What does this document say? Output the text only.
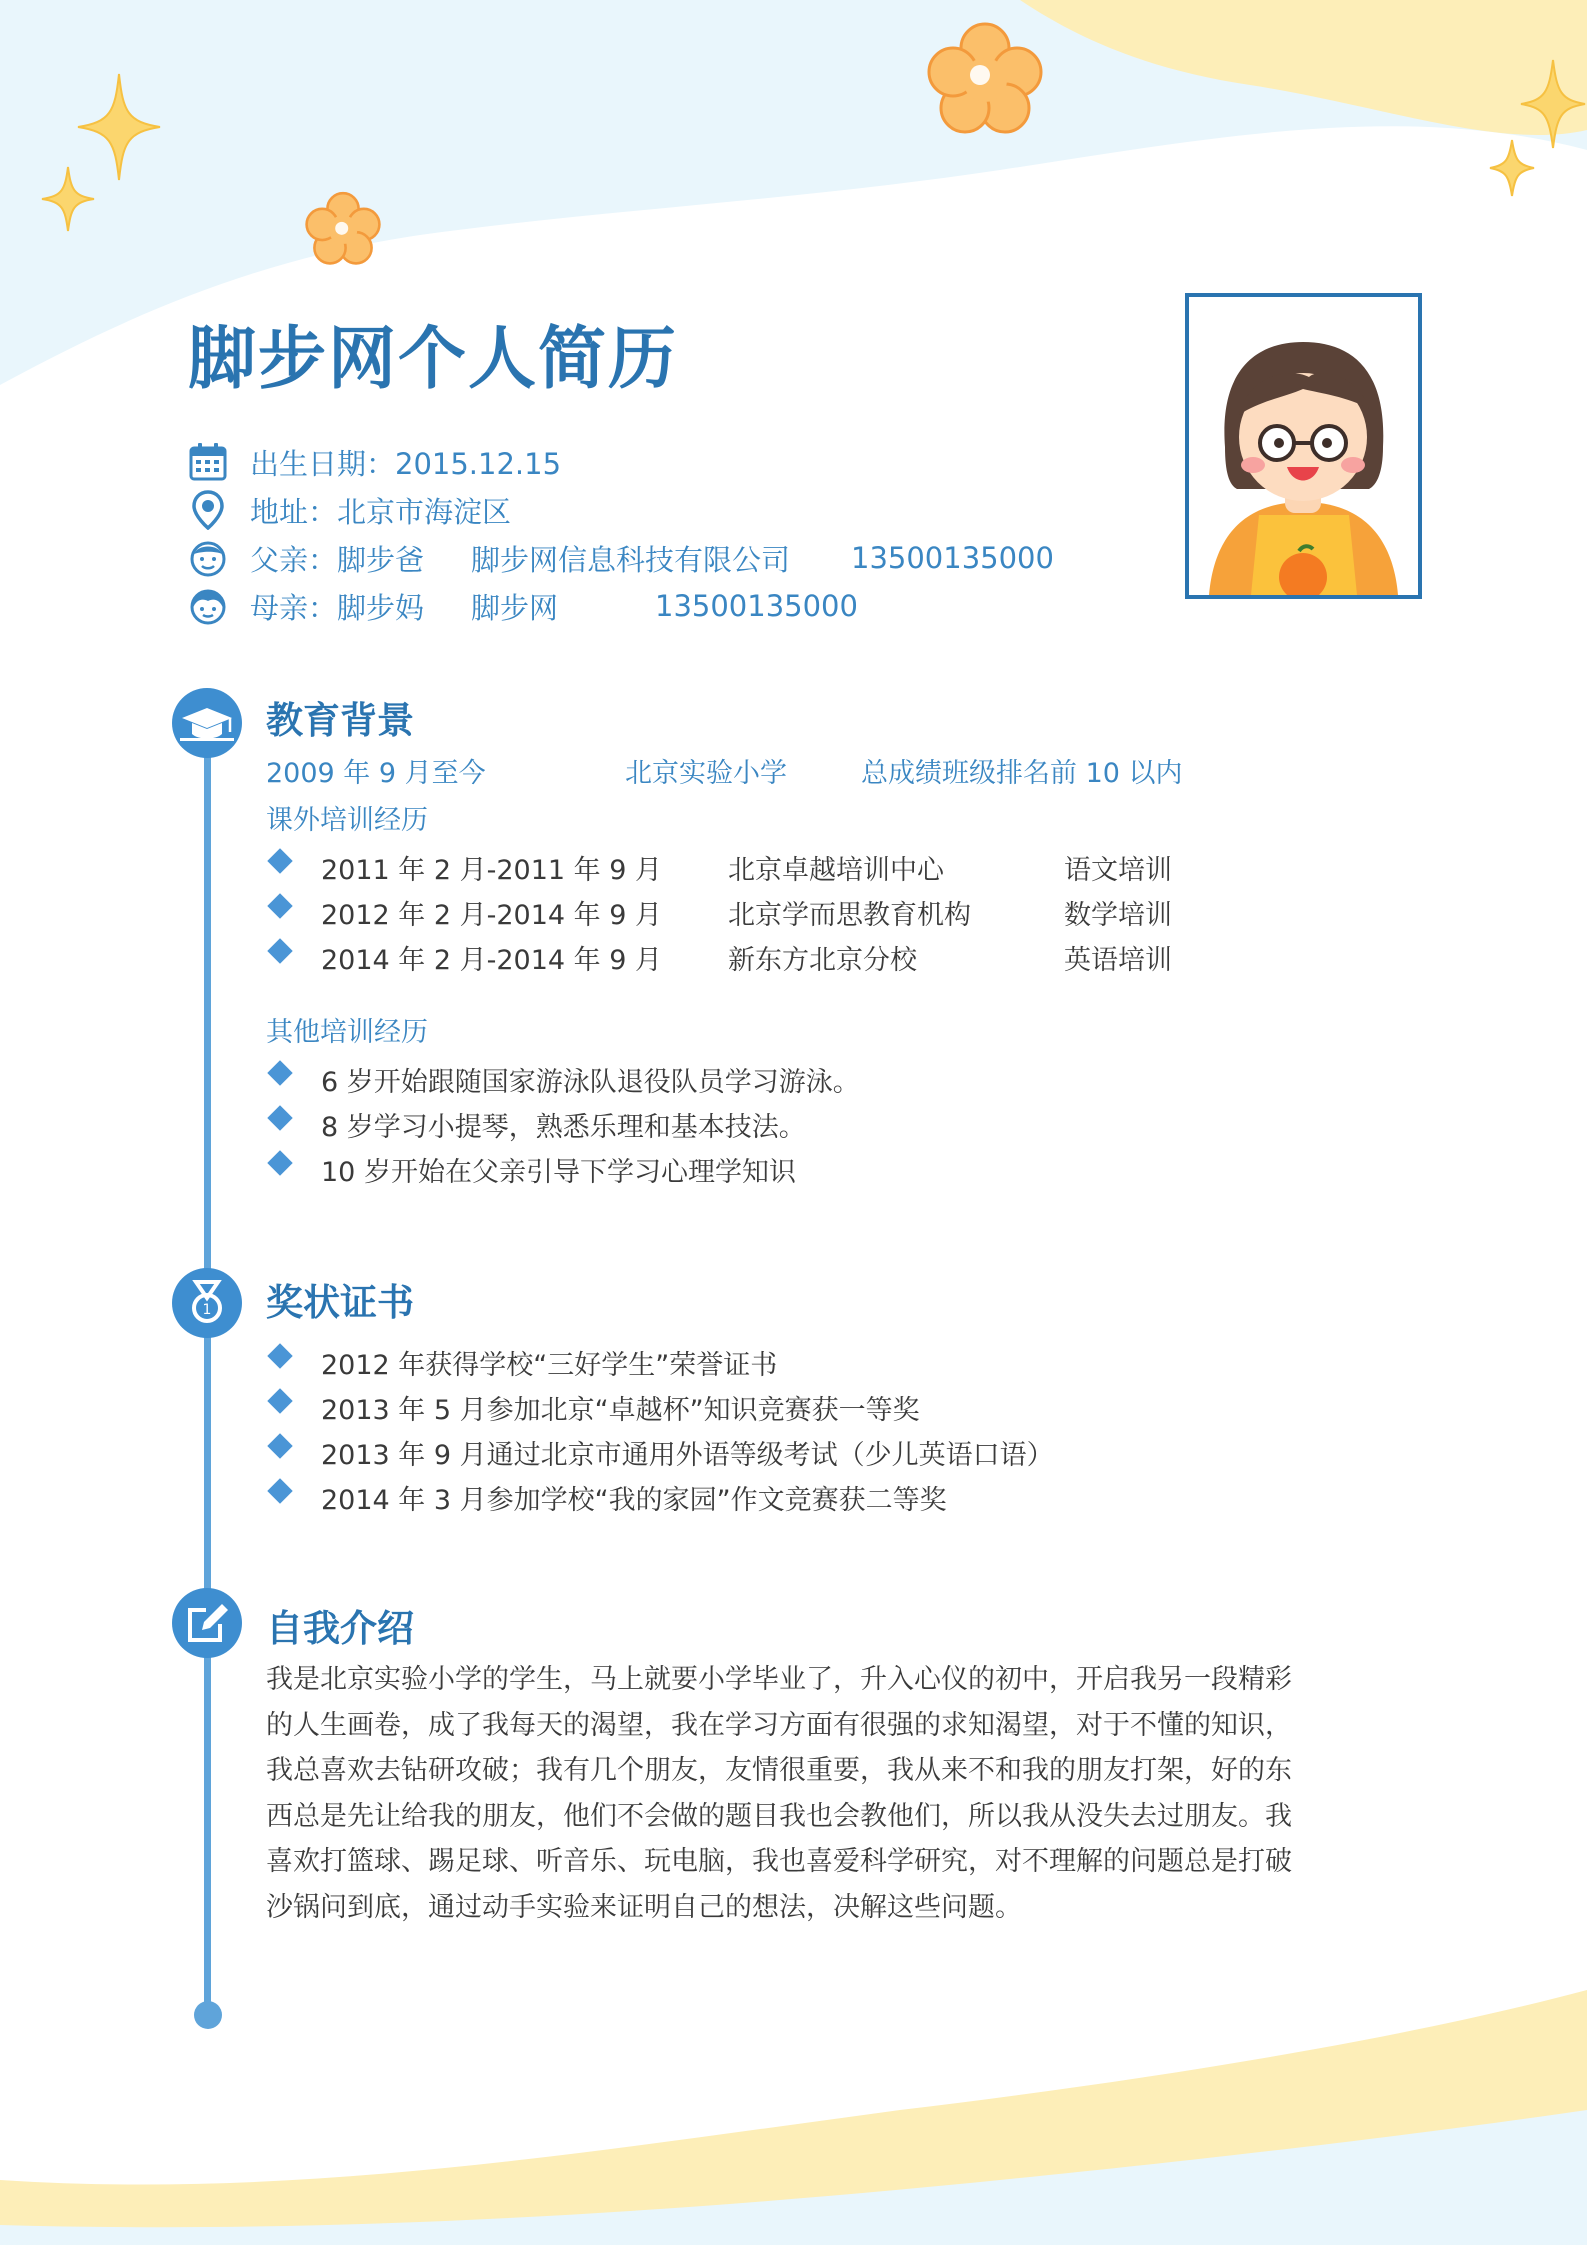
脚步网个人简历
出生日期：2015.12.15
地址：北京市海淀区
父亲：脚步爸 脚步网信息科技有限公司 13500135000
母亲：脚步妈 脚步网	13500135000
1
教育背景
2009 年 9 月至今	北京实验小学	总成绩班级排名前 10 以内
课外培训经历
2011 年 2 月-2011 年 9 月 北京卓越培训中心	语文培训
2012 年 2 月-2014 年 9 月 北京学而思教育机构	数学培训
2014 年 2 月-2014 年 9 月 新东方北京分校	英语培训
其他培训经历
6 岁开始跟随国家游泳队退役队员学习游泳。
8 岁学习小提琴，熟悉乐理和基本技法。
10 岁开始在父亲引导下学习心理学知识
奖状证书
2012 年获得学校“三好学生”荣誉证书
2013 年 5 月参加北京“卓越杯”知识竞赛获一等奖
2013 年 9 月通过北京市通用外语等级考试（少儿英语口语）
2014 年 3 月参加学校“我的家园”作文竞赛获二等奖
自我介绍
我是北京实验小学的学生，马上就要小学毕业了，升入心仪的初中，开启我另一段精彩
的人生画卷，成了我每天的渴望，我在学习方面有很强的求知渴望，对于不懂的知识，
我总喜欢去钻研攻破；我有几个朋友，友情很重要，我从来不和我的朋友打架，好的东
西总是先让给我的朋友，他们不会做的题目我也会教他们，所以我从没失去过朋友。我
喜欢打篮球、踢足球、听音乐、玩电脑，我也喜爱科学研究，对不理解的问题总是打破
沙锅问到底，通过动手实验来证明自己的想法，决解这些问题。
